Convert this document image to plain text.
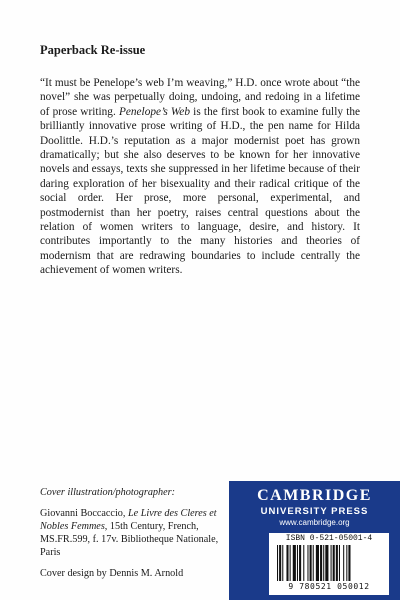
Paperback Re-issue
“It must be Penelope’s web I’m weaving,” H.D. once wrote about “the novel” she was perpetually doing, undoing, and redoing in a lifetime of prose writing. Penelope’s Web is the first book to examine fully the brilliantly innovative prose writing of H.D., the pen name for Hilda Doolittle. H.D.’s reputation as a major modernist poet has grown dramatically; but she also deserves to be known for her innovative novels and essays, texts she suppressed in her lifetime because of their daring exploration of her bisexuality and their radical critique of the social order. Her prose, more personal, experimental, and postmodernist than her poetry, raises central questions about the relation of women writers to language, desire, and history. It contributes importantly to the many histories and theories of modernism that are redrawing boundaries to include centrally the achievement of women writers.
Cover illustration/photographer:
Giovanni Boccaccio, Le Livre des Cleres et Nobles Femmes, 15th Century, French, MS.FR.599, f. 17v. Bibliotheque Nationale, Paris
Cover design by Dennis M. Arnold
CAMBRIDGE
UNIVERSITY PRESS
www.cambridge.org
ISBN 0-521-05001-4
9 780521 050012
